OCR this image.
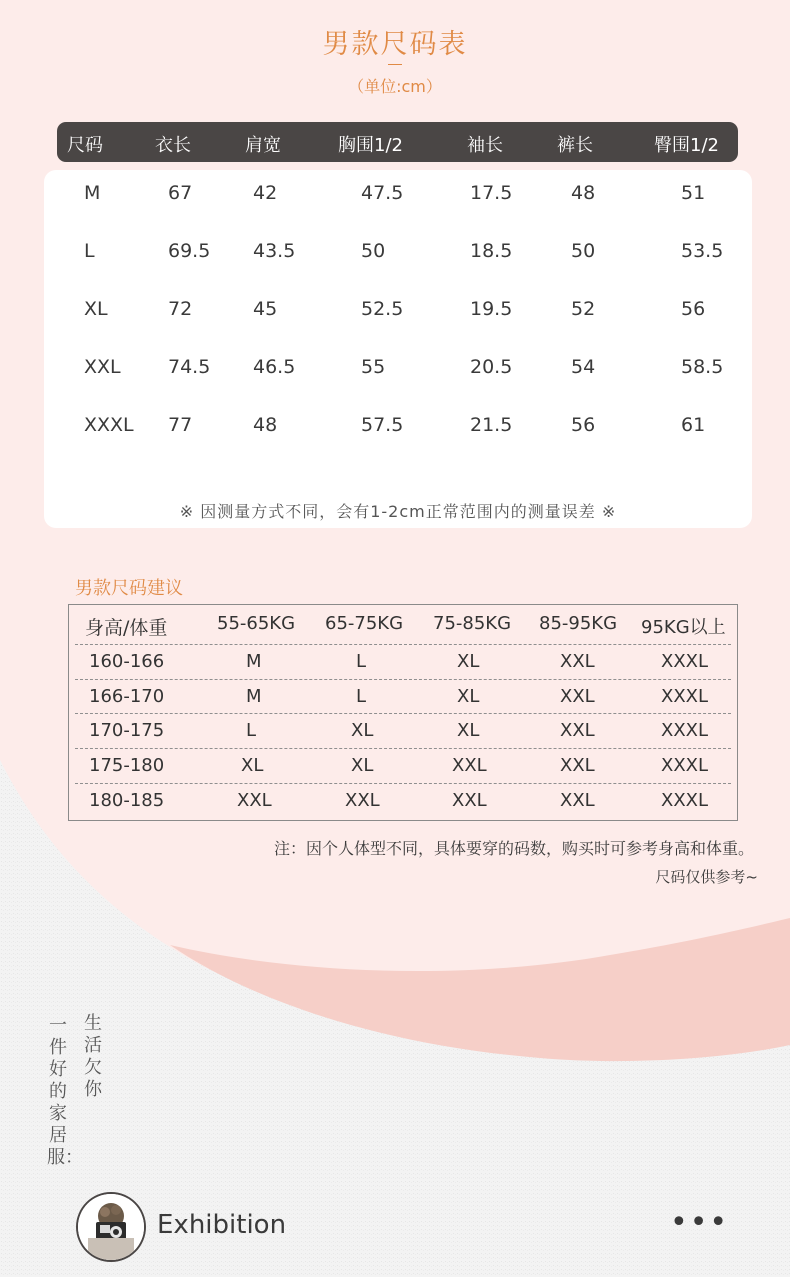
男款尺码表
（单位:cm）
尺码	衣长	肩宽	胸围1/2	袖长	裤长	臀围1/2
M	67	42	47.5	17.5	48	51
L	69.5 43.5	50	18.5	50	53.5
XL	72	45	52.5	19.5	52	56
XXL 74.5 46.5	55	20.5	54	58.5
XXXL 77	48	57.5	21.5	56	61
※ 因测量方式不同，会有1-2cm正常范围内的测量误差 ※
男款尺码建议
身高/体重	55-65KG 65-75KG 75-85KG 85-95KG 95KG以上
160-166	M	L	XL	XXL	XXXL
166-170	M	L	XL	XXL	XXXL
170-175	L	XL	XL	XXL	XXXL
175-180	XL	XL	XXL	XXL	XXXL
180-185	XXL	XXL	XXL	XXL	XXXL
注：因个人体型不同，具体要穿的码数，购买时可参考身高和体重。
尺码仅供参考~
一件好的家居服：
生活欠你
Exhibition	•••
